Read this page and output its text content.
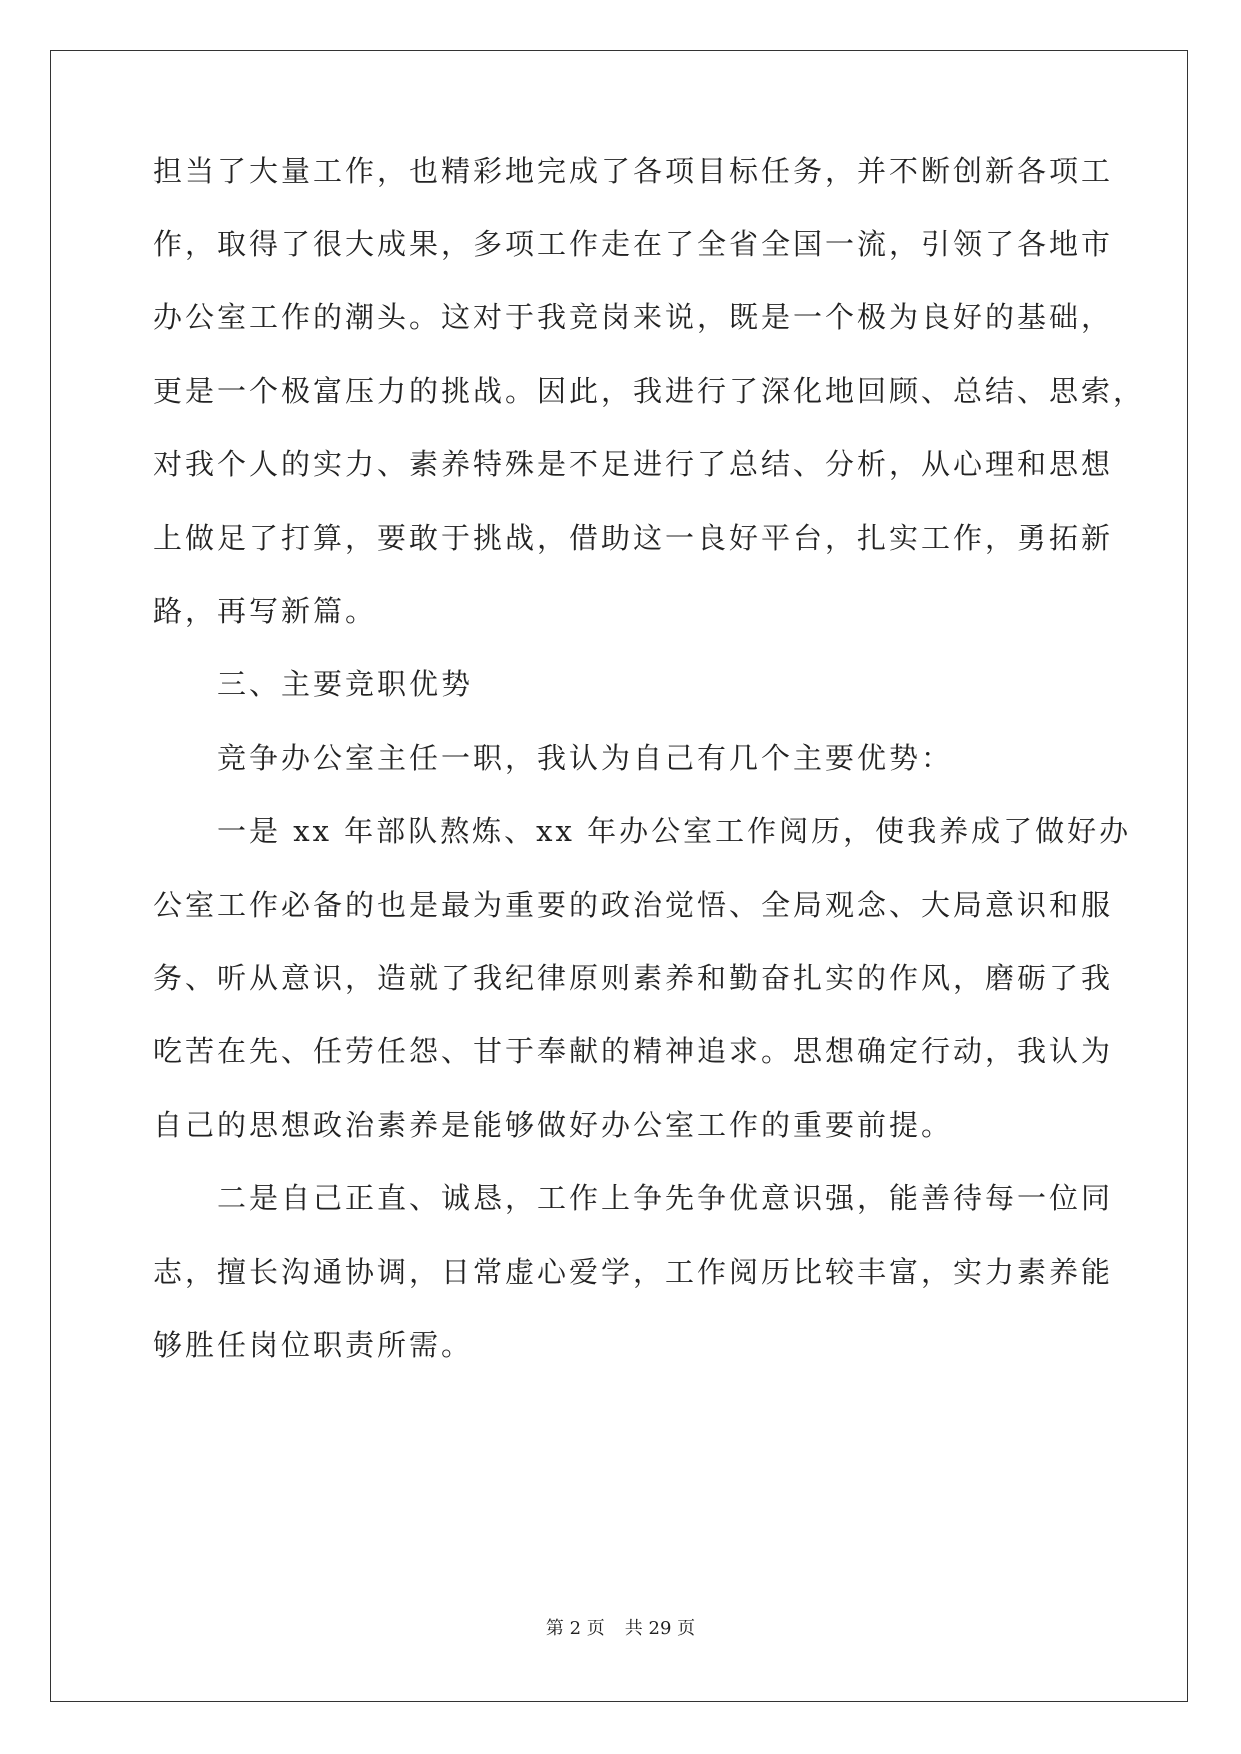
担当了大量工作，也精彩地完成了各项目标任务，并不断创新各项工
作，取得了很大成果，多项工作走在了全省全国一流，引领了各地市
办公室工作的潮头。这对于我竞岗来说，既是一个极为良好的基础，
更是一个极富压力的挑战。因此，我进行了深化地回顾、总结、思索，
对我个人的实力、素养特殊是不足进行了总结、分析，从心理和思想
上做足了打算，要敢于挑战，借助这一良好平台，扎实工作，勇拓新
路，再写新篇。
三、主要竞职优势
竞争办公室主任一职，我认为自己有几个主要优势：
一是 xx 年部队熬炼、xx 年办公室工作阅历，使我养成了做好办
公室工作必备的也是最为重要的政治觉悟、全局观念、大局意识和服
务、听从意识，造就了我纪律原则素养和勤奋扎实的作风，磨砺了我
吃苦在先、任劳任怨、甘于奉献的精神追求。思想确定行动，我认为
自己的思想政治素养是能够做好办公室工作的重要前提。
二是自己正直、诚恳，工作上争先争优意识强，能善待每一位同
志，擅长沟通协调，日常虚心爱学，工作阅历比较丰富，实力素养能
够胜任岗位职责所需。
第 2 页 共 29 页
